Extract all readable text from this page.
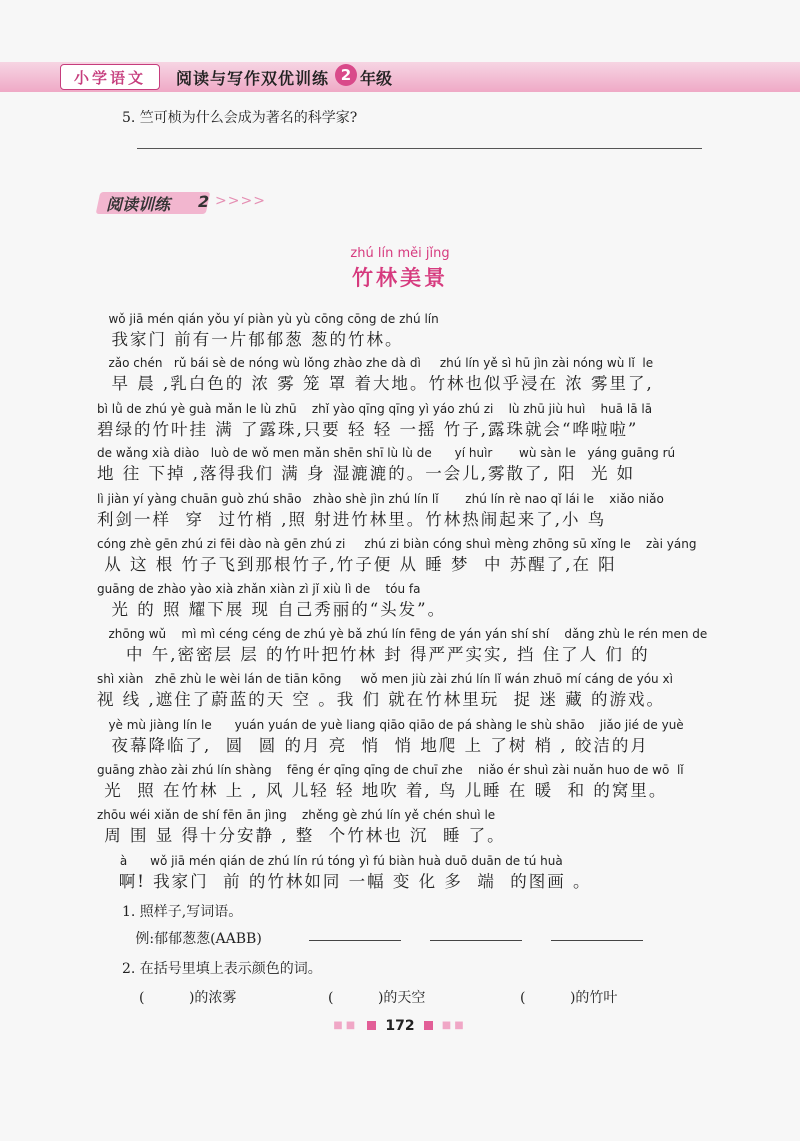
小学语文	阅读与写作双优训练 2 年级
5. 竺可桢为什么会成为著名的科学家?
阅读训练 2 >>>>
zhú lín měi jǐng
竹林美景
wǒ jiā mén qián yǒu yí piàn yù yù cōng cōng de zhú lín
我家门 前有一片郁郁葱 葱的竹林。
zǎo chén   rǔ bái sè de nóng wù lǒng zhào zhe dà dì     zhú lín yě sì hū jìn zài nóng wù lǐ  le
早 晨 ,乳白色的 浓 雾 笼 罩 着大地。竹林也似乎浸在 浓 雾里了,
bì lǜ de zhú yè guà mǎn le lù zhū    zhǐ yào qīng qīng yì yáo zhú zi    lù zhū jiù huì    huā lā lā
碧绿的竹叶挂 满 了露珠,只要 轻 轻 一摇 竹子,露珠就会“哗啦啦”
de wǎng xià diào   luò de wǒ men mǎn shēn shī lù lù de      yí huìr       wù sàn le   yáng guāng rú
地 往 下掉 ,落得我们 满 身 湿漉漉的。一会儿,雾散了, 阳  光 如
lì jiàn yí yàng chuān guò zhú shāo   zhào shè jìn zhú lín lǐ       zhú lín rè nao qǐ lái le    xiǎo niǎo
利剑一样  穿  过竹梢 ,照 射进竹林里。竹林热闹起来了,小 鸟
cóng zhè gēn zhú zi fēi dào nà gēn zhú zi     zhú zi biàn cóng shuì mèng zhōng sū xǐng le    zài yáng
从 这 根 竹子飞到那根竹子,竹子便 从 睡 梦  中 苏醒了,在 阳
guāng de zhào yào xià zhǎn xiàn zì jǐ xiù lì de    tóu fa
光 的 照 耀下展 现 自己秀丽的“头发”。
zhōng wǔ    mì mì céng céng de zhú yè bǎ zhú lín fēng de yán yán shí shí    dǎng zhù le rén men de
中 午,密密层 层 的竹叶把竹林 封 得严严实实, 挡 住了人 们 的
shì xiàn   zhē zhù le wèi lán de tiān kōng     wǒ men jiù zài zhú lín lǐ wán zhuō mí cáng de yóu xì
视 线 ,遮住了蔚蓝的天 空 。我 们 就在竹林里玩  捉 迷 藏 的游戏。
yè mù jiàng lín le      yuán yuán de yuè liang qiāo qiāo de pá shàng le shù shāo    jiǎo jié de yuè
夜幕降临了,  圆  圆 的月 亮  悄  悄 地爬 上 了树 梢 , 皎洁的月
guāng zhào zài zhú lín shàng    fēng ér qīng qīng de chuī zhe    niǎo ér shuì zài nuǎn huo de wō  lǐ
光  照 在竹林 上 , 风 儿轻 轻 地吹 着, 鸟 儿睡 在 暖  和 的窝里。
zhōu wéi xiǎn de shí fēn ān jìng    zhěng gè zhú lín yě chén shuì le
周 围 显 得十分安静 , 整  个竹林也 沉  睡 了。
à      wǒ jiā mén qián de zhú lín rú tóng yì fú biàn huà duō duān de tú huà
啊! 我家门  前 的竹林如同 一幅 变 化 多  端  的图画 。
1. 照样子,写词语。
例:郁郁葱葱(AABB)
2. 在括号里填上表示颜色的词。
(          )的浓雾	(          )的天空	(          )的竹叶
■■ 172	■■
